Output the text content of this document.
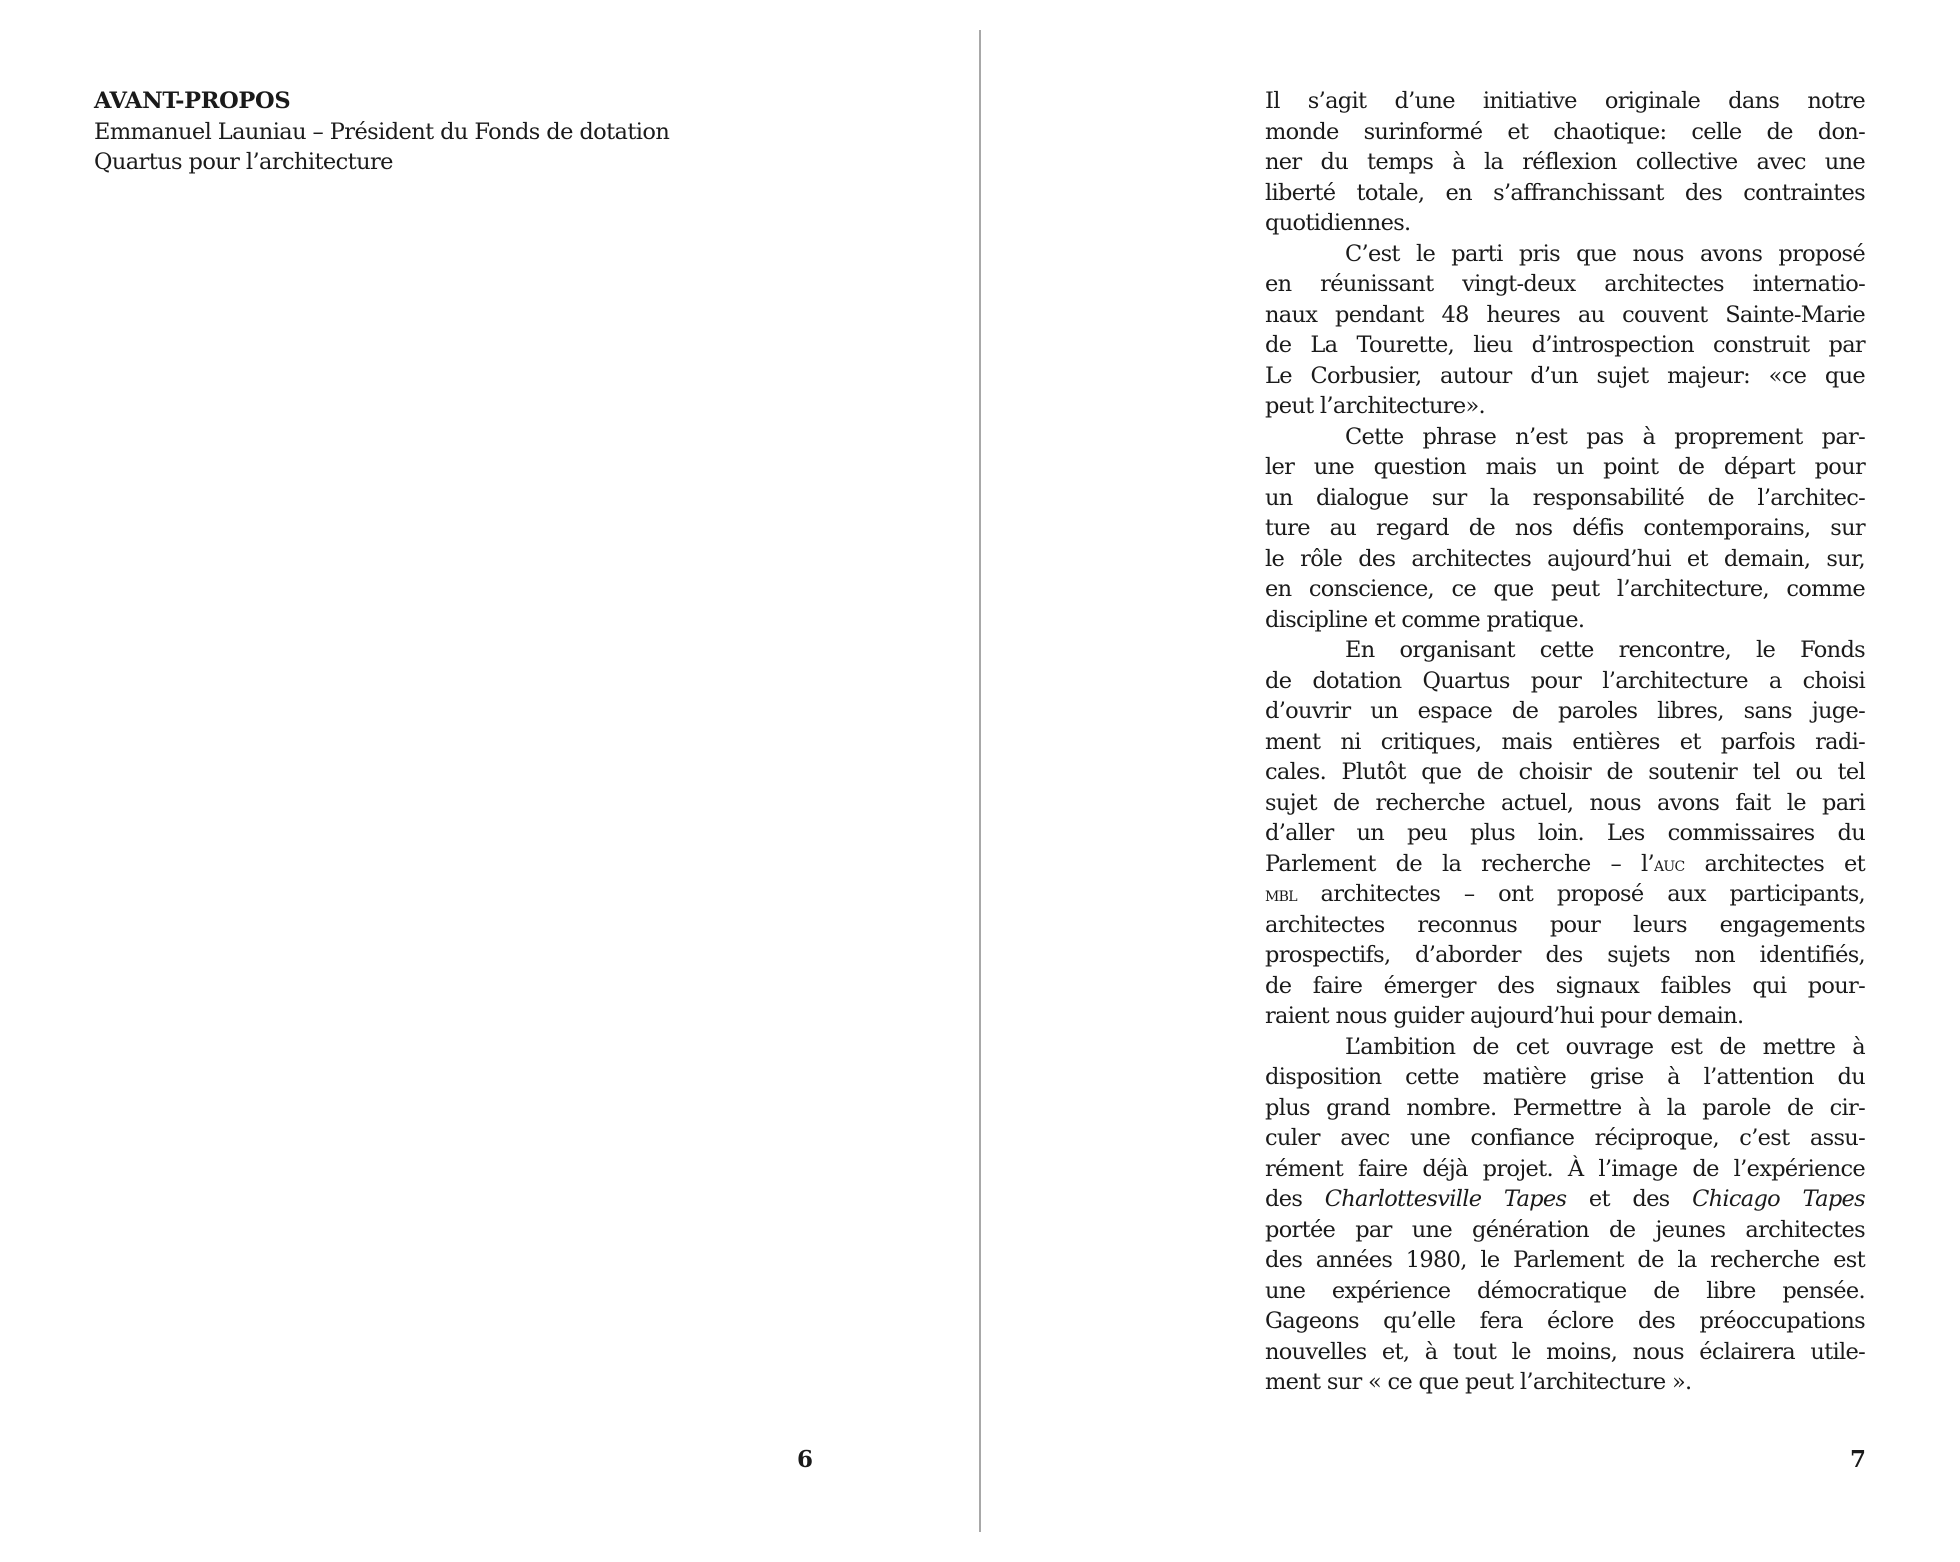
AVANT-PROPOS
Emmanuel Launiau – Président du Fonds de dotation
Quartus pour l’architecture
6
Il s’agit d’une initiative originale dans notre
monde surinformé et chaotique: celle de don-
ner du temps à la réflexion collective avec une
liberté totale, en s’affranchissant des contraintes
quotidiennes.
C’est le parti pris que nous avons proposé
en réunissant vingt-deux architectes internatio-
naux pendant 48 heures au couvent Sainte-Marie
de La Tourette, lieu d’introspection construit par
Le Corbusier, autour d’un sujet majeur: «ce que
peut l’architecture».
Cette phrase n’est pas à proprement par-
ler une question mais un point de départ pour
un dialogue sur la responsabilité de l’architec-
ture au regard de nos défis contemporains, sur
le rôle des architectes aujourd’hui et demain, sur,
en conscience, ce que peut l’architecture, comme
discipline et comme pratique.
En organisant cette rencontre, le Fonds
de dotation Quartus pour l’architecture a choisi
d’ouvrir un espace de paroles libres, sans juge-
ment ni critiques, mais entières et parfois radi-
cales. Plutôt que de choisir de soutenir tel ou tel
sujet de recherche actuel, nous avons fait le pari
d’aller un peu plus loin. Les commissaires du
Parlement de la recherche – l’auc architectes et
mbl architectes – ont proposé aux participants,
architectes reconnus pour leurs engagements
prospectifs, d’aborder des sujets non identifiés,
de faire émerger des signaux faibles qui pour-
raient nous guider aujourd’hui pour demain.
L’ambition de cet ouvrage est de mettre à
disposition cette matière grise à l’attention du
plus grand nombre. Permettre à la parole de cir-
culer avec une confiance réciproque, c’est assu-
rément faire déjà projet. À l’image de l’expérience
des Charlottesville Tapes et des Chicago Tapes
portée par une génération de jeunes architectes
des années 1980, le Parlement de la recherche est
une expérience démocratique de libre pensée.
Gageons qu’elle fera éclore des préoccupations
nouvelles et, à tout le moins, nous éclairera utile-
ment sur « ce que peut l’architecture ».
7
